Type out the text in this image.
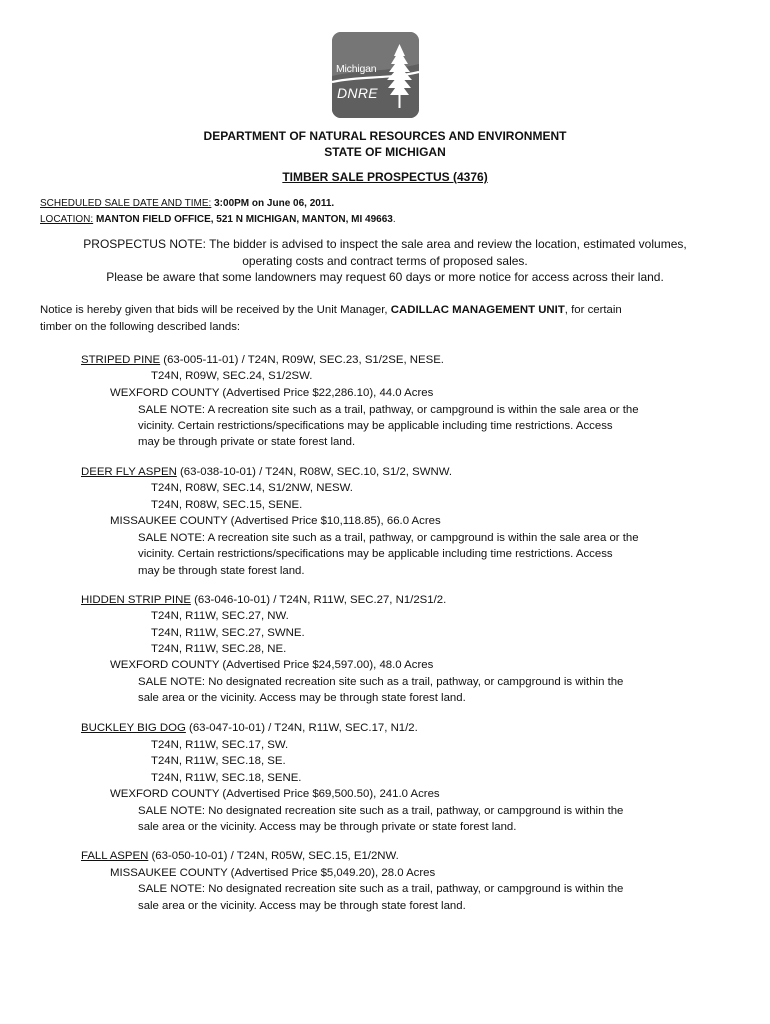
Michigan
DNRE
DEPARTMENT OF NATURAL RESOURCES AND ENVIRONMENT
STATE OF MICHIGAN
TIMBER SALE PROSPECTUS (4376)
SCHEDULED SALE DATE AND TIME: 3:00PM on June 06, 2011.
LOCATION: MANTON FIELD OFFICE, 521 N MICHIGAN, MANTON, MI 49663.
PROSPECTUS NOTE: The bidder is advised to inspect the sale area and review the location, estimated volumes,
operating costs and contract terms of proposed sales.
Please be aware that some landowners may request 60 days or more notice for access across their land.
Notice is hereby given that bids will be received by the Unit Manager, CADILLAC MANAGEMENT UNIT, for certain
timber on the following described lands:
STRIPED PINE (63-005-11-01) / T24N, R09W, SEC.23, S1/2SE, NESE.
T24N, R09W, SEC.24, S1/2SW.
WEXFORD COUNTY (Advertised Price $22,286.10), 44.0 Acres
SALE NOTE: A recreation site such as a trail, pathway, or campground is within the sale area or the
vicinity. Certain restrictions/specifications may be applicable including time restrictions. Access
may be through private or state forest land.
DEER FLY ASPEN (63-038-10-01) / T24N, R08W, SEC.10, S1/2, SWNW.
T24N, R08W, SEC.14, S1/2NW, NESW.
T24N, R08W, SEC.15, SENE.
MISSAUKEE COUNTY (Advertised Price $10,118.85), 66.0 Acres
SALE NOTE: A recreation site such as a trail, pathway, or campground is within the sale area or the
vicinity. Certain restrictions/specifications may be applicable including time restrictions. Access
may be through state forest land.
HIDDEN STRIP PINE (63-046-10-01) / T24N, R11W, SEC.27, N1/2S1/2.
T24N, R11W, SEC.27, NW.
T24N, R11W, SEC.27, SWNE.
T24N, R11W, SEC.28, NE.
WEXFORD COUNTY (Advertised Price $24,597.00), 48.0 Acres
SALE NOTE: No designated recreation site such as a trail, pathway, or campground is within the
sale area or the vicinity. Access may be through state forest land.
BUCKLEY BIG DOG (63-047-10-01) / T24N, R11W, SEC.17, N1/2.
T24N, R11W, SEC.17, SW.
T24N, R11W, SEC.18, SE.
T24N, R11W, SEC.18, SENE.
WEXFORD COUNTY (Advertised Price $69,500.50), 241.0 Acres
SALE NOTE: No designated recreation site such as a trail, pathway, or campground is within the
sale area or the vicinity. Access may be through private or state forest land.
FALL ASPEN (63-050-10-01) / T24N, R05W, SEC.15, E1/2NW.
MISSAUKEE COUNTY (Advertised Price $5,049.20), 28.0 Acres
SALE NOTE: No designated recreation site such as a trail, pathway, or campground is within the
sale area or the vicinity. Access may be through state forest land.
